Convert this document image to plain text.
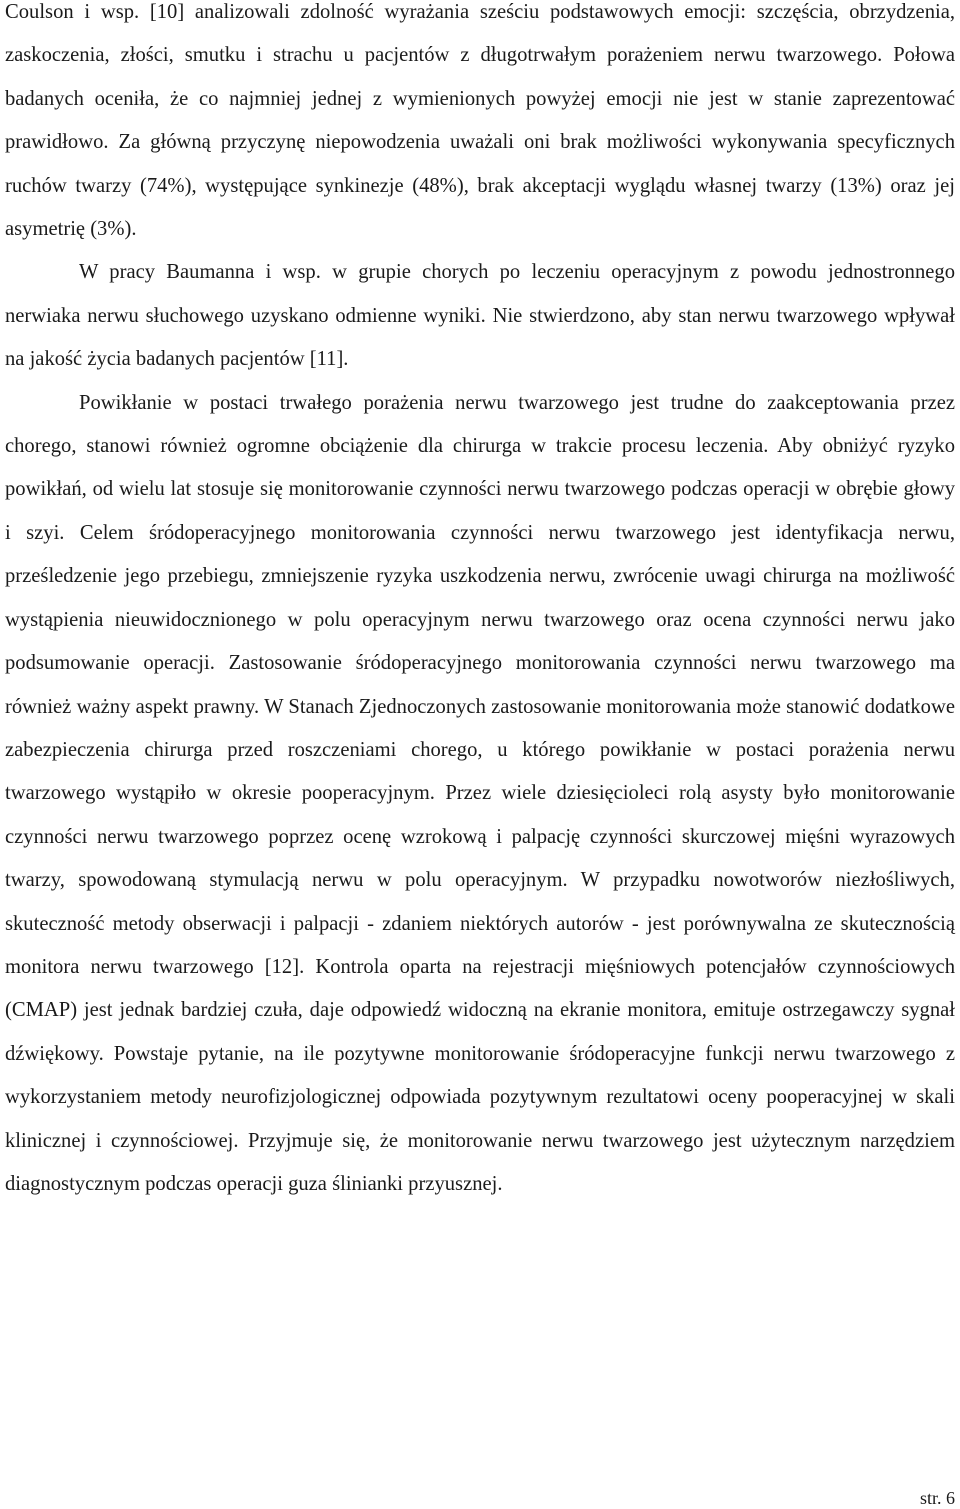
Coulson i wsp. [10] analizowali zdolność wyrażania sześciu podstawowych emocji: szczęścia, obrzydzenia, zaskoczenia, złości, smutku i strachu u pacjentów z długotrwałym porażeniem nerwu twarzowego. Połowa badanych oceniła, że co najmniej jednej z wymienionych powyżej emocji nie jest w stanie zaprezentować prawidłowo. Za główną przyczynę niepowodzenia uważali oni brak możliwości wykonywania specyficznych ruchów twarzy (74%), występujące synkinezje (48%), brak akceptacji wyglądu własnej twarzy (13%) oraz jej asymetrię (3%).

W pracy Baumanna i wsp. w grupie chorych po leczeniu operacyjnym z powodu jednostronnego nerwiaka nerwu słuchowego uzyskano odmienne wyniki. Nie stwierdzono, aby stan nerwu twarzowego wpływał na jakość życia badanych pacjentów [11].

Powikłanie w postaci trwałego porażenia nerwu twarzowego jest trudne do zaakceptowania przez chorego, stanowi również ogromne obciążenie dla chirurga w trakcie procesu leczenia. Aby obniżyć ryzyko powikłań, od wielu lat stosuje się monitorowanie czynności nerwu twarzowego podczas operacji w obrębie głowy i szyi. Celem śródoperacyjnego monitorowania czynności nerwu twarzowego jest identyfikacja nerwu, prześledzenie jego przebiegu, zmniejszenie ryzyka uszkodzenia nerwu, zwrócenie uwagi chirurga na możliwość wystąpienia nieuwidocznionego w polu operacyjnym nerwu twarzowego oraz ocena czynności nerwu jako podsumowanie operacji. Zastosowanie śródoperacyjnego monitorowania czynności nerwu twarzowego ma również ważny aspekt prawny. W Stanach Zjednoczonych zastosowanie monitorowania może stanowić dodatkowe zabezpieczenia chirurga przed roszczeniami chorego, u którego powikłanie w postaci porażenia nerwu twarzowego wystąpiło w okresie pooperacyjnym. Przez wiele dziesięcioleci rolą asysty było monitorowanie czynności nerwu twarzowego poprzez ocenę wzrokową i palpację czynności skurczowej mięśni wyrazowych twarzy, spowodowaną stymulacją nerwu w polu operacyjnym. W przypadku nowotworów niezłośliwych, skuteczność metody obserwacji i palpacji - zdaniem niektórych autorów - jest porównywalna ze skutecznością monitora nerwu twarzowego [12]. Kontrola oparta na rejestracji mięśniowych potencjałów czynnościowych (CMAP) jest jednak bardziej czuła, daje odpowiedź widoczną na ekranie monitora, emituje ostrzegawczy sygnał dźwiękowy. Powstaje pytanie, na ile pozytywne monitorowanie śródoperacyjne funkcji nerwu twarzowego z wykorzystaniem metody neurofizjologicznej odpowiada pozytywnym rezultatowi oceny pooperacyjnej w skali klinicznej i czynnościowej. Przyjmuje się, że monitorowanie nerwu twarzowego jest użytecznym narzędziem diagnostycznym podczas operacji guza ślinianki przyusznej.

str. 6
